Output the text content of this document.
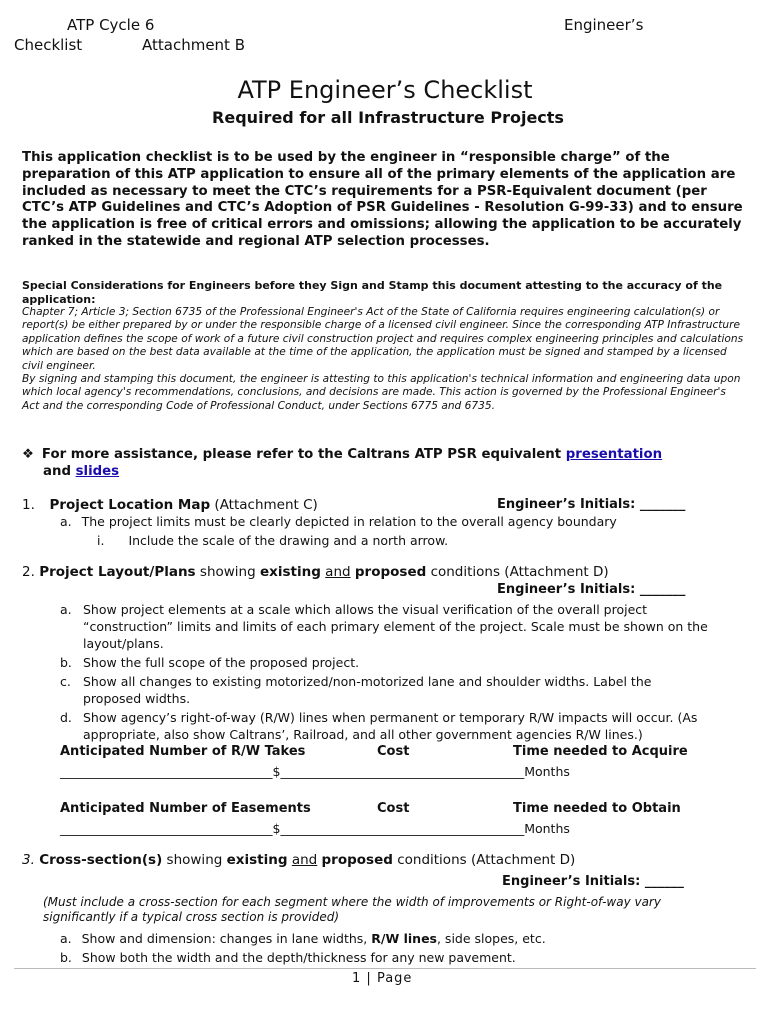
ATP Cycle 6
Checklist	Attachment B
Engineer’s
ATP Engineer’s Checklist
Required for all Infrastructure Projects
This application checklist is to be used by the engineer in “responsible charge” of the preparation of this ATP application to ensure all of the primary elements of the application are included as necessary to meet the CTC’s requirements for a PSR-Equivalent document (per CTC’s ATP Guidelines and CTC’s Adoption of PSR Guidelines - Resolution G-99-33) and to ensure the application is free of critical errors and omissions; allowing the application to be accurately ranked in the statewide and regional ATP selection processes.
Special Considerations for Engineers before they Sign and Stamp this document attesting to the accuracy of the application:

Chapter 7; Article 3; Section 6735 of the Professional Engineer's Act of the State of California requires engineering calculation(s) or report(s) be either prepared by or under the responsible charge of a licensed civil engineer. Since the corresponding ATP Infrastructure application defines the scope of work of a future civil construction project and requires complex engineering principles and calculations which are based on the best data available at the time of the application, the application must be signed and stamped by a licensed civil engineer.

By signing and stamping this document, the engineer is attesting to this application's technical information and engineering data upon which local agency's recommendations, conclusions, and decisions are made. This action is governed by the Professional Engineer's Act and the corresponding Code of Professional Conduct, under Sections 6775 and 6735.

❖ For more assistance, please refer to the Caltrans ATP PSR equivalent presentation
and slides
1. Project Location Map (Attachment C)	Engineer’s Initials: _______
a. The project limits must be clearly depicted in relation to the overall agency boundary
i. Include the scale of the drawing and a north arrow.
2. Project Layout/Plans showing existing and proposed conditions (Attachment D)
Engineer’s Initials: _______
a. Show project elements at a scale which allows the visual verification of the overall project “construction” limits and limits of each primary element of the project. Scale must be shown on the layout/plans.
b. Show the full scope of the proposed project.
c. Show all changes to existing motorized/non-motorized lane and shoulder widths. Label the proposed widths.
d. Show agency’s right-of-way (R/W) lines when permanent or temporary R/W impacts will occur. (As appropriate, also show Caltrans’, Railroad, and all other government agencies R/W lines.)
Anticipated Number of R/W Takes	Cost	Time needed to Acquire
__________________________________$_______________________________________Months
Anticipated Number of Easements	Cost	Time needed to Obtain
__________________________________$_______________________________________Months
3. Cross-section(s) showing existing and proposed conditions (Attachment D)
Engineer’s Initials: ______
(Must include a cross-section for each segment where the width of improvements or Right-of-way vary significantly if a typical cross section is provided)
a. Show and dimension: changes in lane widths, R/W lines, side slopes, etc.
b. Show both the width and the depth/thickness for any new pavement.
1 | Page
